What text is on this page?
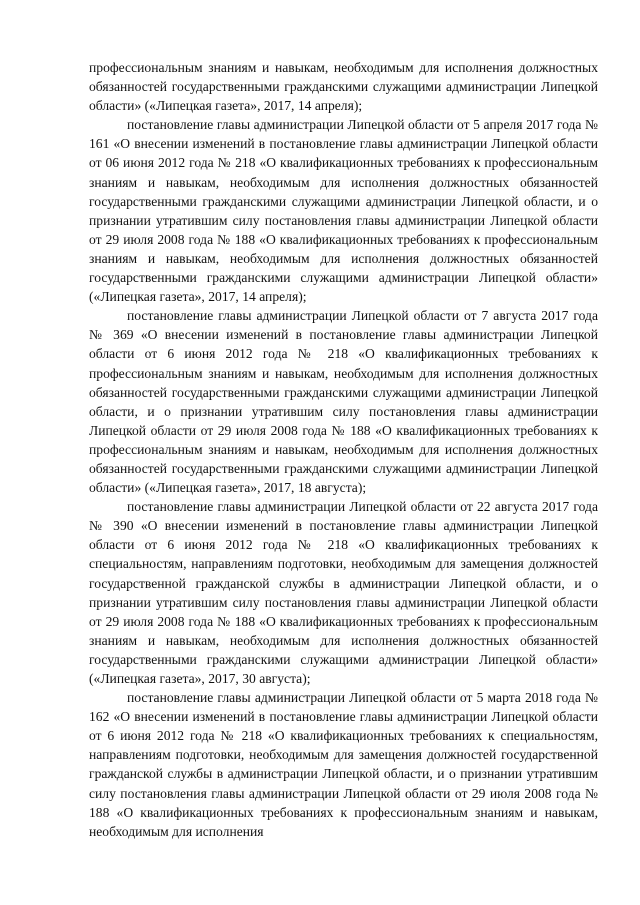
профессиональным знаниям и навыкам, необходимым для исполнения должностных обязанностей государственными гражданскими служащими администрации Липецкой области» («Липецкая газета», 2017, 14 апреля);

постановление главы администрации Липецкой области от 5 апреля 2017 года № 161 «О внесении изменений в постановление главы администрации Липецкой области от 06 июня 2012 года № 218 «О квалификационных требованиях к профессиональным знаниям и навыкам, необходимым для исполнения должностных обязанностей государственными гражданскими служащими администрации Липецкой области, и о признании утратившим силу постановления главы администрации Липецкой области от 29 июля 2008 года № 188 «О квалификационных требованиях к профессиональным знаниям и навыкам, необходимым для исполнения должностных обязанностей государственными гражданскими служащими администрации Липецкой области» («Липецкая газета», 2017, 14 апреля);

постановление главы администрации Липецкой области от 7 августа 2017 года № 369 «О внесении изменений в постановление главы администрации Липецкой области от 6 июня 2012 года № 218 «О квалификационных требованиях к профессиональным знаниям и навыкам, необходимым для исполнения должностных обязанностей государственными гражданскими служащими администрации Липецкой области, и о признании утратившим силу постановления главы администрации Липецкой области от 29 июля 2008 года № 188 «О квалификационных требованиях к профессиональным знаниям и навыкам, необходимым для исполнения должностных обязанностей государственными гражданскими служащими администрации Липецкой области» («Липецкая газета», 2017, 18 августа);

постановление главы администрации Липецкой области от 22 августа 2017 года № 390 «О внесении изменений в постановление главы администрации Липецкой области от 6 июня 2012 года № 218 «О квалификационных требованиях к специальностям, направлениям подготовки, необходимым для замещения должностей государственной гражданской службы в администрации Липецкой области, и о признании утратившим силу постановления главы администрации Липецкой области от 29 июля 2008 года № 188 «О квалификационных требованиях к профессиональным знаниям и навыкам, необходимым для исполнения должностных обязанностей государственными гражданскими служащими администрации Липецкой области» («Липецкая газета», 2017, 30 августа);

постановление главы администрации Липецкой области от 5 марта 2018 года № 162 «О внесении изменений в постановление главы администрации Липецкой области от 6 июня 2012 года № 218 «О квалификационных требованиях к специальностям, направлениям подготовки, необходимым для замещения должностей государственной гражданской службы в администрации Липецкой области, и о признании утратившим силу постановления главы администрации Липецкой области от 29 июля 2008 года № 188 «О квалификационных требованиях к профессиональным знаниям и навыкам, необходимым для исполнения
